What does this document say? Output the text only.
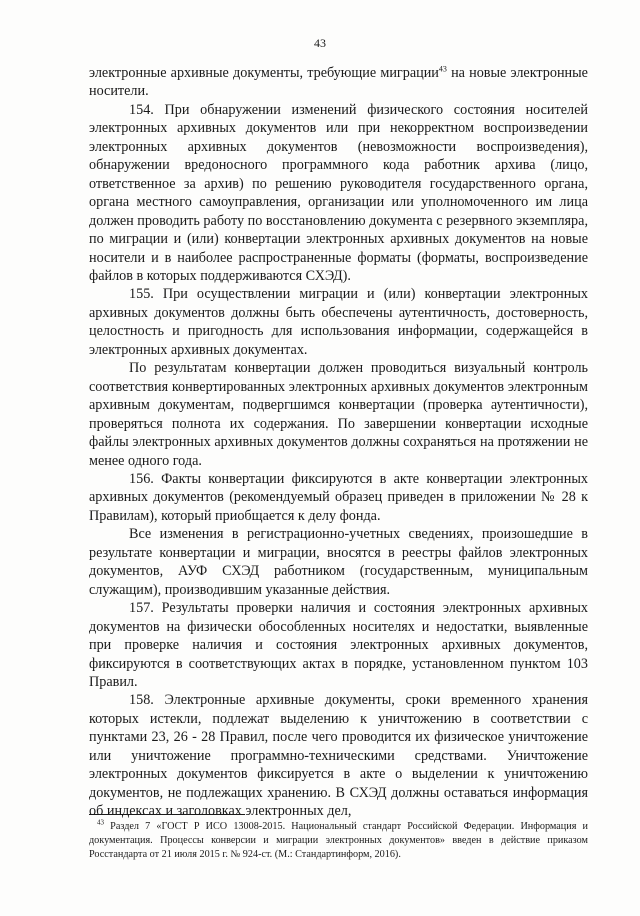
43

электронные архивные документы, требующие миграции$^{43}$ на новые электронные носители.

154. При обнаружении изменений физического состояния носителей электронных архивных документов или при некорректном воспроизведении электронных архивных документов (невозможности воспроизведения), обнаружении вредоносного программного кода работник архива (лицо, ответственное за архив) по решению руководителя государственного органа, органа местного самоуправления, организации или уполномоченного им лица должен проводить работу по восстановлению документа с резервного экземпляра, по миграции и (или) конвертации электронных архивных документов на новые носители и в наиболее распространенные форматы (форматы, воспроизведение файлов в которых поддерживаются СХЭД).

155. При осуществлении миграции и (или) конвертации электронных архивных документов должны быть обеспечены аутентичность, достоверность, целостность и пригодность для использования информации, содержащейся в электронных архивных документах.

По результатам конвертации должен проводиться визуальный контроль соответствия конвертированных электронных архивных документов электронным архивным документам, подвергшимся конвертации (проверка аутентичности), проверяться полнота их содержания. По завершении конвертации исходные файлы электронных архивных документов должны сохраняться на протяжении не менее одного года.

156. Факты конвертации фиксируются в акте конвертации электронных архивных документов (рекомендуемый образец приведен в приложении № 28 к Правилам), который приобщается к делу фонда.

Все изменения в регистрационно-учетных сведениях, произошедшие в результате конвертации и миграции, вносятся в реестры файлов электронных документов, АУФ СХЭД работником (государственным, муниципальным служащим), производившим указанные действия.

157. Результаты проверки наличия и состояния электронных архивных документов на физически обособленных носителях и недостатки, выявленные при проверке наличия и состояния электронных архивных документов, фиксируются в соответствующих актах в порядке, установленном пунктом 103 Правил.

158. Электронные архивные документы, сроки временного хранения которых истекли, подлежат выделению к уничтожению в соответствии с пунктами 23, 26 - 28 Правил, после чего проводится их физическое уничтожение или уничтожение программно-техническими средствами. Уничтожение электронных документов фиксируется в акте о выделении к уничтожению документов, не подлежащих хранению. В СХЭД должны оставаться информация об индексах и заголовках электронных дел,

$^{43}$ Раздел 7 «ГОСТ Р ИСО 13008-2015. Национальный стандарт Российской Федерации. Информация и документация. Процессы конверсии и миграции электронных документов» введен в действие приказом Росстандарта от 21 июля 2015 г. № 924-ст. (М.: Стандартинформ, 2016).
